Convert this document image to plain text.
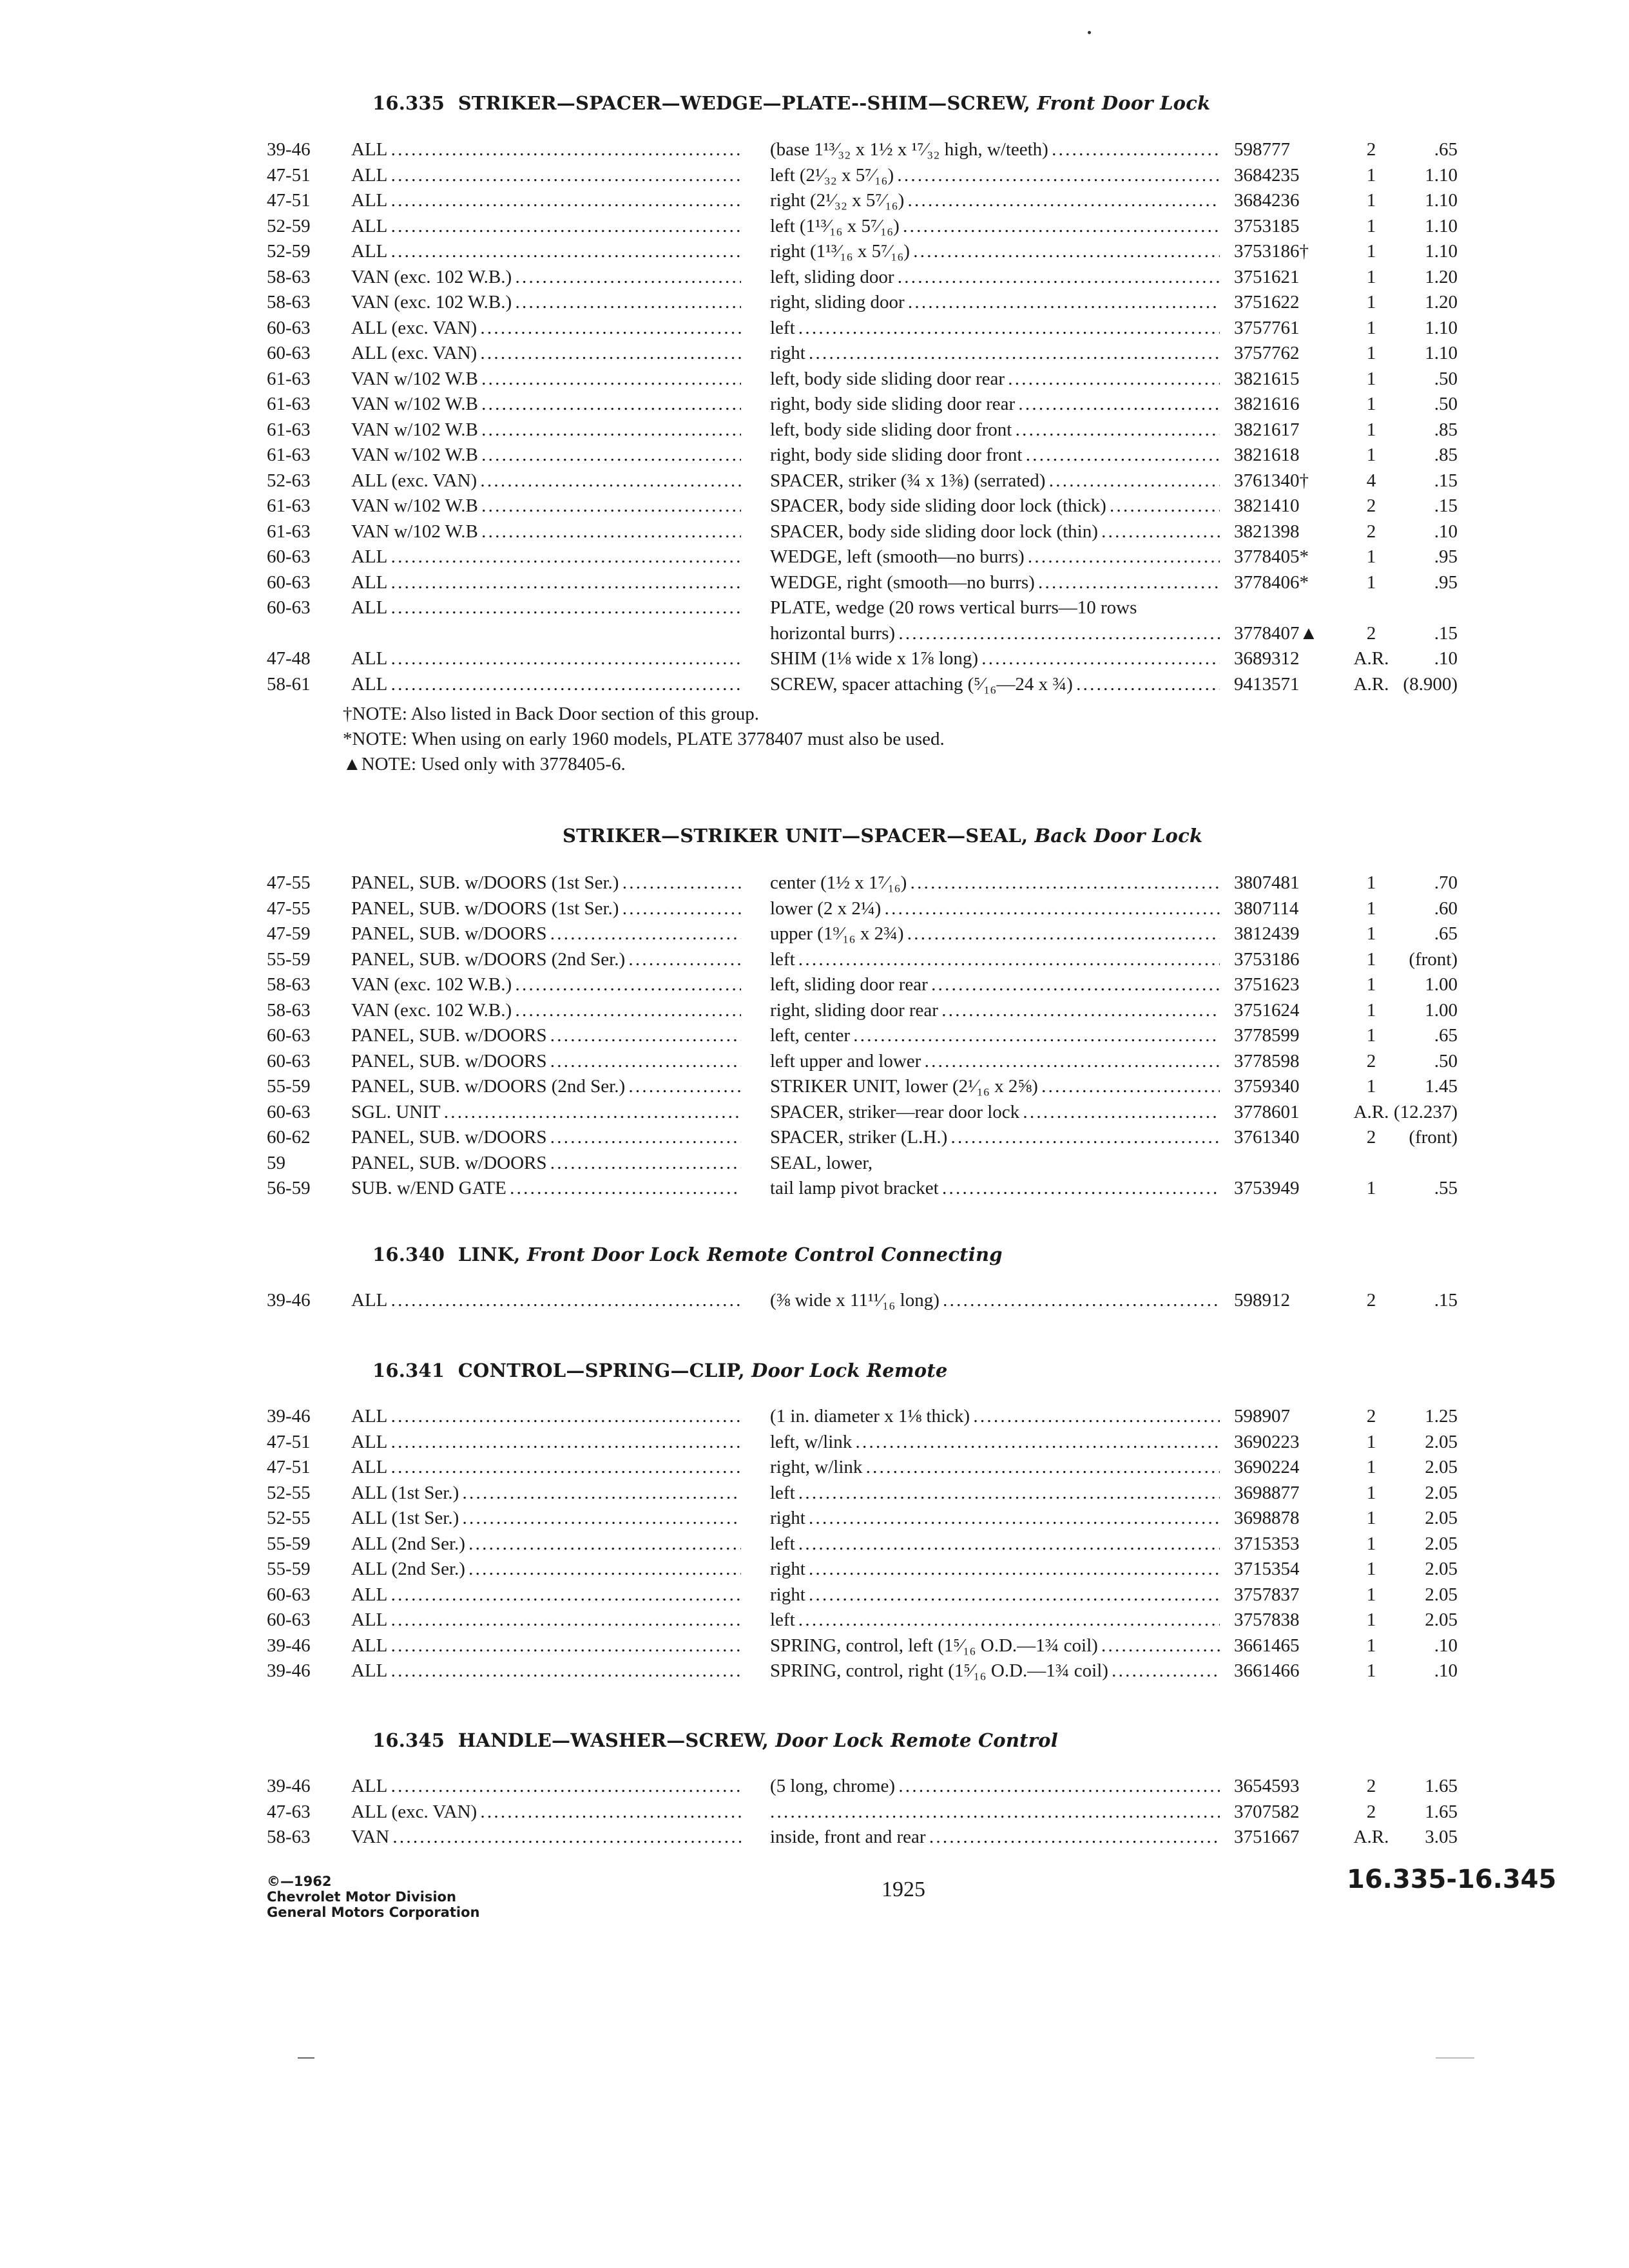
16.335 STRIKER—SPACER—WEDGE—PLATE--SHIM—SCREW, Front Door Lock
39-46 ALL . . .	(base 1¹³⁄₃₂ x 1½ x ¹⁷⁄₃₂ high, w/teeth) . . .	598777	2	.65
47-51 ALL . . .	left (2¹⁄₃₂ x 5⁷⁄₁₆) . . .	3684235	1	1.10
47-51 ALL . . .	right (2¹⁄₃₂ x 5⁷⁄₁₆) . . .	3684236	1	1.10
52-59 ALL . . .	left (1¹³⁄₁₆ x 5⁷⁄₁₆) . . .	3753185	1	1.10
52-59 ALL . . .	right (1¹³⁄₁₆ x 5⁷⁄₁₆) . . .	3753186†	1	1.10
58-63 VAN (exc. 102 W.B.) . . .	left, sliding door . . .	3751621	1	1.20
58-63 VAN (exc. 102 W.B.) . . .	right, sliding door . . .	3751622	1	1.20
60-63 ALL (exc. VAN) . . .	left . . .	3757761	1	1.10
60-63 ALL (exc. VAN) . . .	right . . .	3757762	1	1.10
61-63 VAN w/102 W.B . . .	left, body side sliding door rear . . .	3821615	1	.50
61-63 VAN w/102 W.B . . .	right, body side sliding door rear . . .	3821616	1	.50
61-63 VAN w/102 W.B . . .	left, body side sliding door front . . .	3821617	1	.85
61-63 VAN w/102 W.B . . .	right, body side sliding door front . . .	3821618	1	.85
52-63 ALL (exc. VAN) . . .	SPACER, striker (¾ x 1⅜) (serrated) . . .	3761340†	4	.15
61-63 VAN w/102 W.B . . .	SPACER, body side sliding door lock (thick) . . .	3821410	2	.15
61-63 VAN w/102 W.B . . .	SPACER, body side sliding door lock (thin) . . .	3821398	2	.10
60-63 ALL . . .	WEDGE, left (smooth—no burrs) . . .	3778405*	1	.95
60-63 ALL . . .	WEDGE, right (smooth—no burrs) . . .	3778406*	1	.95
60-63 ALL . . .	PLATE, wedge (20 rows vertical burrs—10 rows
horizontal burrs) . . .	3778407▲	2	.15
47-48 ALL . . .	SHIM (1⅛ wide x 1⅞ long) . . .	3689312	A.R.	.10
58-61 ALL . . .	SCREW, spacer attaching (⁵⁄₁₆—24 x ¾) . . .	9413571	A.R. (8.900)
†NOTE: Also listed in Back Door section of this group.
*NOTE: When using on early 1960 models, PLATE 3778407 must also be used.
▲NOTE: Used only with 3778405-6.
STRIKER—STRIKER UNIT—SPACER—SEAL, Back Door Lock
47-55 PANEL, SUB. w/DOORS (1st Ser.) . . .	center (1½ x 1⁷⁄₁₆) . . .	3807481	1	.70
47-55 PANEL, SUB. w/DOORS (1st Ser.) . . .	lower (2 x 2¼) . . .	3807114	1	.60
47-59 PANEL, SUB. w/DOORS . . .	upper (1⁹⁄₁₆ x 2¾) . . .	3812439	1	.65
55-59 PANEL, SUB. w/DOORS (2nd Ser.) . . .	left . . .	3753186	1	(front)
58-63 VAN (exc. 102 W.B.) . . .	left, sliding door rear . . .	3751623	1	1.00
58-63 VAN (exc. 102 W.B.) . . .	right, sliding door rear . . .	3751624	1	1.00
60-63 PANEL, SUB. w/DOORS . . .	left, center . . .	3778599	1	.65
60-63 PANEL, SUB. w/DOORS . . .	left upper and lower . . .	3778598	2	.50
55-59 PANEL, SUB. w/DOORS (2nd Ser.) . . .	STRIKER UNIT, lower (2¹⁄₁₆ x 2⅝) . . .	3759340	1	1.45
60-63 SGL. UNIT . . .	SPACER, striker—rear door lock . . .	3778601	A.R. (12.237)
60-62 PANEL, SUB. w/DOORS . . .	SPACER, striker (L.H.) . . .	3761340	2	(front)
59	PANEL, SUB. w/DOORS . . .	SEAL, lower,
56-59 SUB. w/END GATE . . .	tail lamp pivot bracket . . .	3753949	1	.55
16.340 LINK, Front Door Lock Remote Control Connecting
39-46 ALL . . .	(⅜ wide x 11¹¹⁄₁₆ long) . . .	598912	2	.15
16.341 CONTROL—SPRING—CLIP, Door Lock Remote
39-46 ALL . . .	(1 in. diameter x 1⅛ thick) . . .	598907	2	1.25
47-51 ALL . . .	left, w/link . . .	3690223	1	2.05
47-51 ALL . . .	right, w/link . . .	3690224	1	2.05
52-55 ALL (1st Ser.) . . .	left . . .	3698877	1	2.05
52-55 ALL (1st Ser.) . . .	right . . .	3698878	1	2.05
55-59 ALL (2nd Ser.) . . .	left . . .	3715353	1	2.05
55-59 ALL (2nd Ser.) . . .	right . . .	3715354	1	2.05
60-63 ALL . . .	right . . .	3757837	1	2.05
60-63 ALL . . .	left . . .	3757838	1	2.05
39-46 ALL . . .	SPRING, control, left (1⁵⁄₁₆ O.D.—1¾ coil) . . .	3661465	1	.10
39-46 ALL . . .	SPRING, control, right (1⁵⁄₁₆ O.D.—1¾ coil) . . .	3661466	1	.10
16.345 HANDLE—WASHER—SCREW, Door Lock Remote Control
39-46 ALL . . .	(5 long, chrome) . . .	3654593	2	1.65
47-63 ALL (exc. VAN) . . . . . .	3707582	2	1.65
58-63 VAN . . .	inside, front and rear . . .	3751667	A.R.	3.05
©—1962
Chevrolet Motor Division
General Motors Corporation
1925	16.335-16.345
